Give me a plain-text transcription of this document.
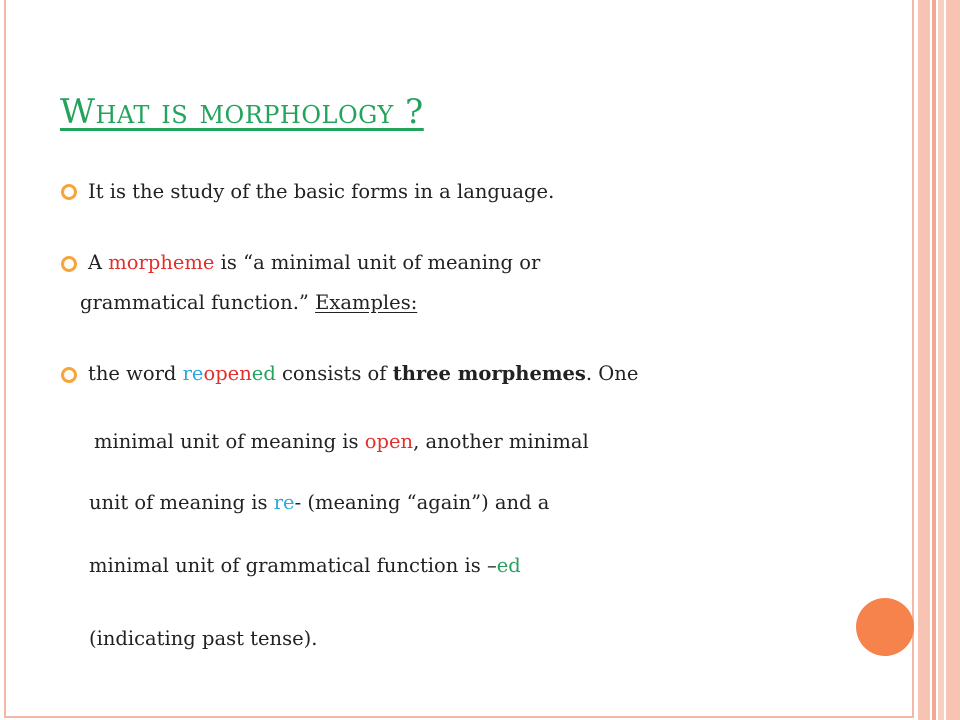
What is morphology ?
It is the study of the basic forms in a language.
A morpheme is “a minimal unit of meaning or
grammatical function.” Examples:
the word reopened consists of three morphemes. One
minimal unit of meaning is open, another minimal
unit of meaning is re- (meaning “again”) and a
minimal unit of grammatical function is –ed
(indicating past tense).
